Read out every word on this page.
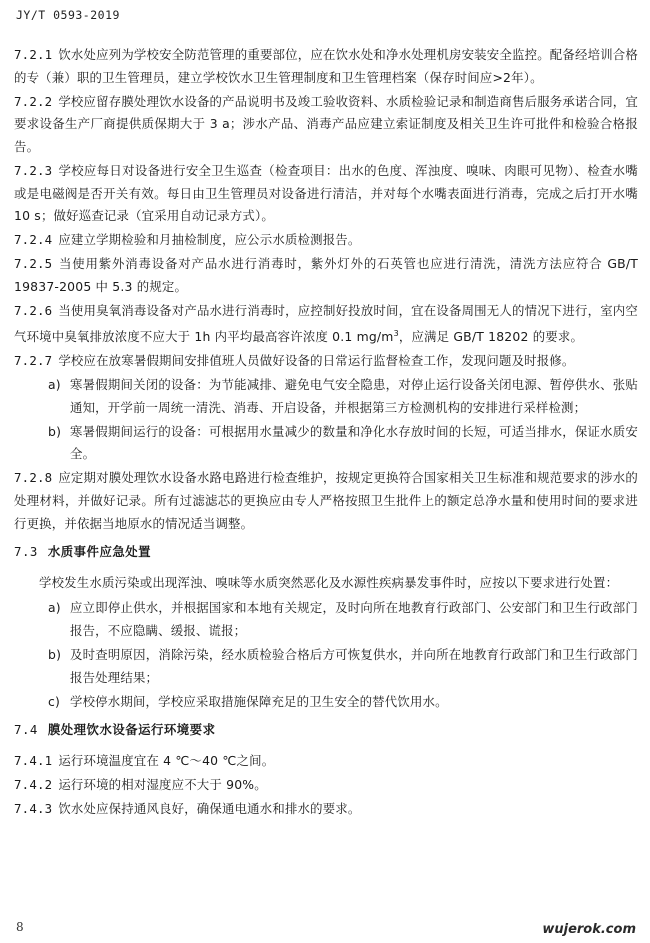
JY/T 0593-2019

7.2.1 饮水处应列为学校安全防范管理的重要部位，应在饮水处和净水处理机房安装安全监控。配备经培训合格的专（兼）职的卫生管理员，建立学校饮水卫生管理制度和卫生管理档案（保存时间应>2年）。

7.2.2 学校应留存膜处理饮水设备的产品说明书及竣工验收资料、水质检验记录和制造商售后服务承诺合同，宜要求设备生产厂商提供质保期大于 3 a；涉水产品、消毒产品应建立索证制度及相关卫生许可批件和检验合格报告。

7.2.3 学校应每日对设备进行安全卫生巡查（检查项目：出水的色度、浑浊度、嗅味、肉眼可见物）、检查水嘴或是电磁阀是否开关有效。每日由卫生管理员对设备进行清洁，并对每个水嘴表面进行消毒，完成之后打开水嘴 10 s；做好巡查记录（宜采用自动记录方式）。

7.2.4 应建立学期检验和月抽检制度，应公示水质检测报告。

7.2.5 当使用紫外消毒设备对产品水进行消毒时，紫外灯外的石英管也应进行清洗，清洗方法应符合 GB/T 19837-2005 中 5.3 的规定。

7.2.6 当使用臭氧消毒设备对产品水进行消毒时，应控制好投放时间，宜在设备周围无人的情况下进行，室内空气环境中臭氧排放浓度不应大于 1h 内平均最高容许浓度 0.1 $mg/m^3$，应满足 GB/T 18202 的要求。

7.2.7 学校应在放寒暑假期间安排值班人员做好设备的日常运行监督检查工作，发现问题及时报修。

a) 寒暑假期间关闭的设备：为节能减排、避免电气安全隐患，对停止运行设备关闭电源、暂停供水、张贴通知，开学前一周统一清洗、消毒、开启设备，并根据第三方检测机构的安排进行采样检测；

b) 寒暑假期间运行的设备：可根据用水量减少的数量和净化水存放时间的长短，可适当排水，保证水质安全。

7.2.8 应定期对膜处理饮水设备水路电路进行检查维护，按规定更换符合国家相关卫生标准和规范要求的涉水的处理材料，并做好记录。所有过滤滤芯的更换应由专人严格按照卫生批件上的额定总净水量和使用时间的要求进行更换，并依据当地原水的情况适当调整。

7.3 水质事件应急处置

学校发生水质污染或出现浑浊、嗅味等水质突然恶化及水源性疾病暴发事件时，应按以下要求进行处置：

a) 应立即停止供水，并根据国家和本地有关规定，及时向所在地教育行政部门、公安部门和卫生行政部门报告，不应隐瞒、缓报、谎报；

b) 及时查明原因，消除污染，经水质检验合格后方可恢复供水，并向所在地教育行政部门和卫生行政部门报告处理结果；

c) 学校停水期间，学校应采取措施保障充足的卫生安全的替代饮用水。

7.4 膜处理饮水设备运行环境要求

7.4.1 运行环境温度宜在 4 ℃～40 ℃之间。

7.4.2 运行环境的相对湿度应不大于 90%。

7.4.3 饮水处应保持通风良好，确保通电通水和排水的要求。

8	wujerok.com
